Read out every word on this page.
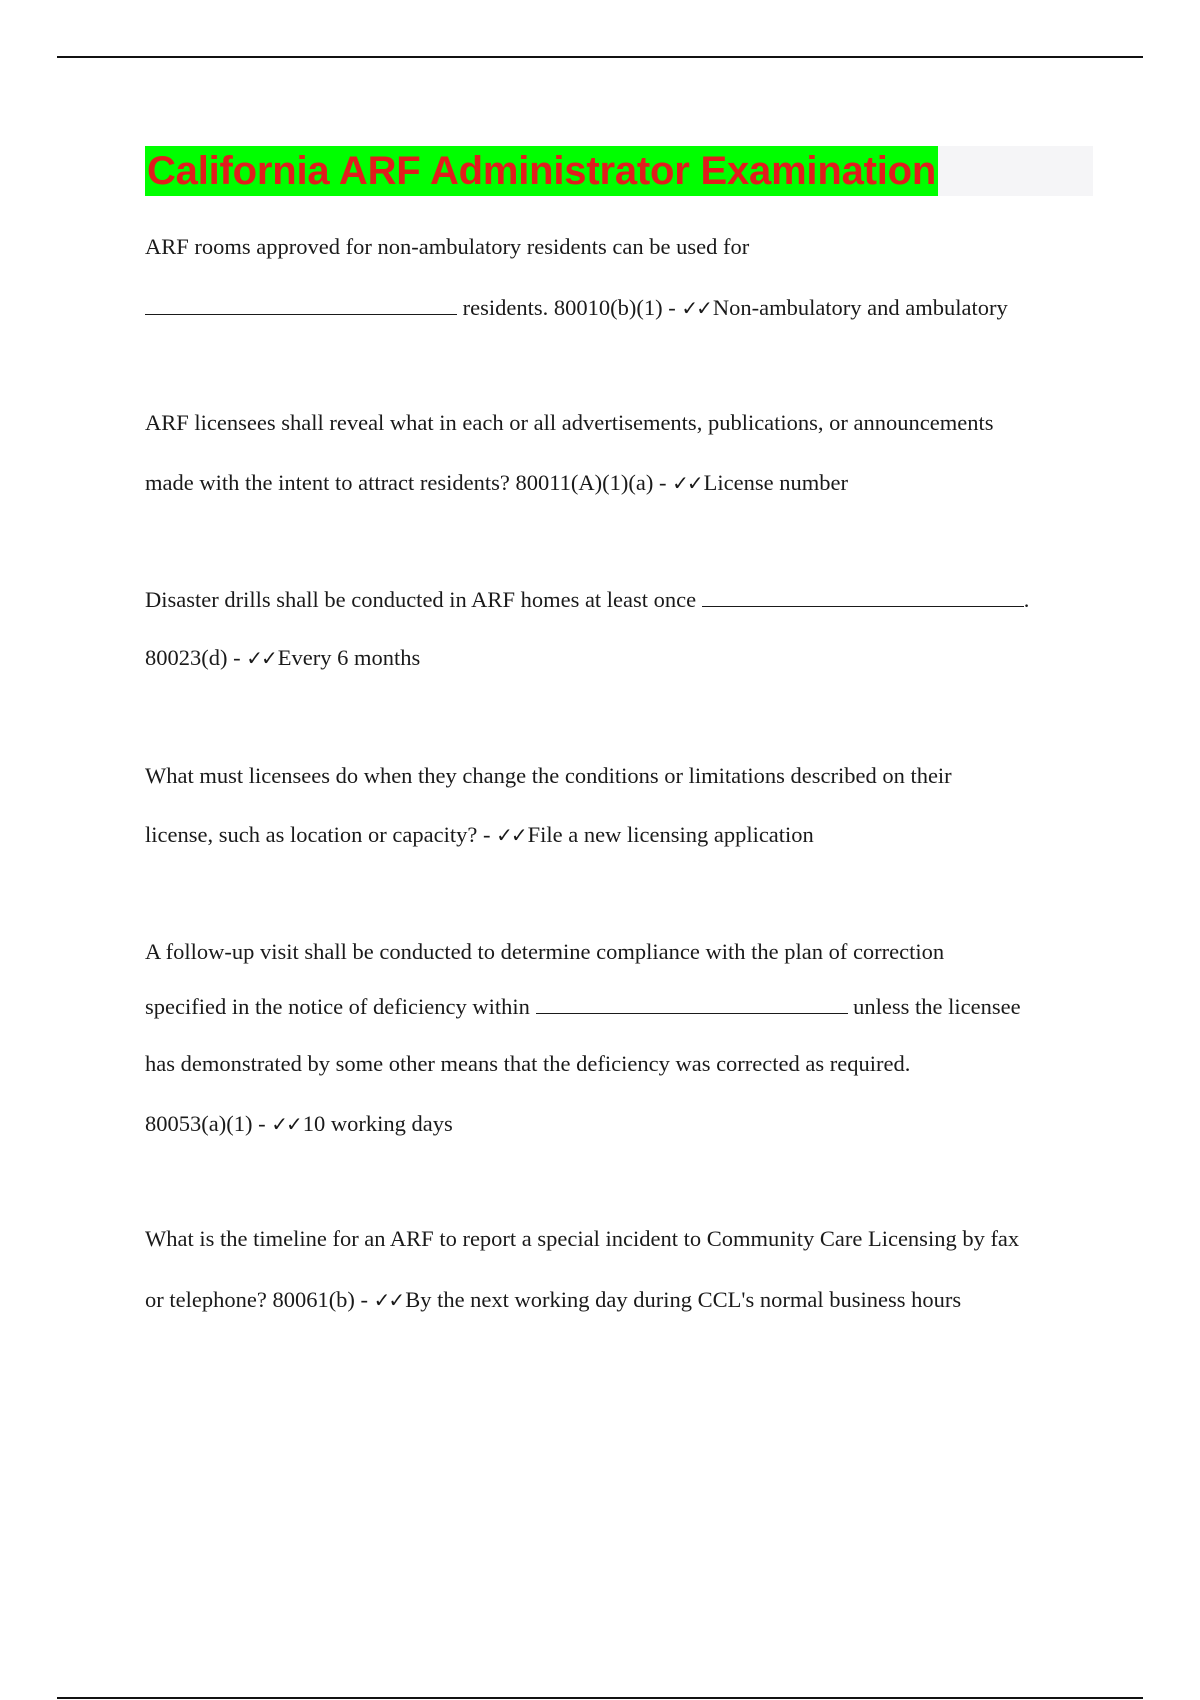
California ARF Administrator Examination
ARF rooms approved for non-ambulatory residents can be used for
residents. 80010(b)(1) - ✓✓Non-ambulatory and ambulatory
ARF licensees shall reveal what in each or all advertisements, publications, or announcements
made with the intent to attract residents? 80011(A)(1)(a) - ✓✓License number
Disaster drills shall be conducted in ARF homes at least once	.
80023(d) - ✓✓Every 6 months
What must licensees do when they change the conditions or limitations described on their
license, such as location or capacity? - ✓✓File a new licensing application
A follow-up visit shall be conducted to determine compliance with the plan of correction
specified in the notice of deficiency within	unless the licensee
has demonstrated by some other means that the deficiency was corrected as required.
80053(a)(1) - ✓✓10 working days
What is the timeline for an ARF to report a special incident to Community Care Licensing by fax
or telephone? 80061(b) - ✓✓By the next working day during CCL's normal business hours
